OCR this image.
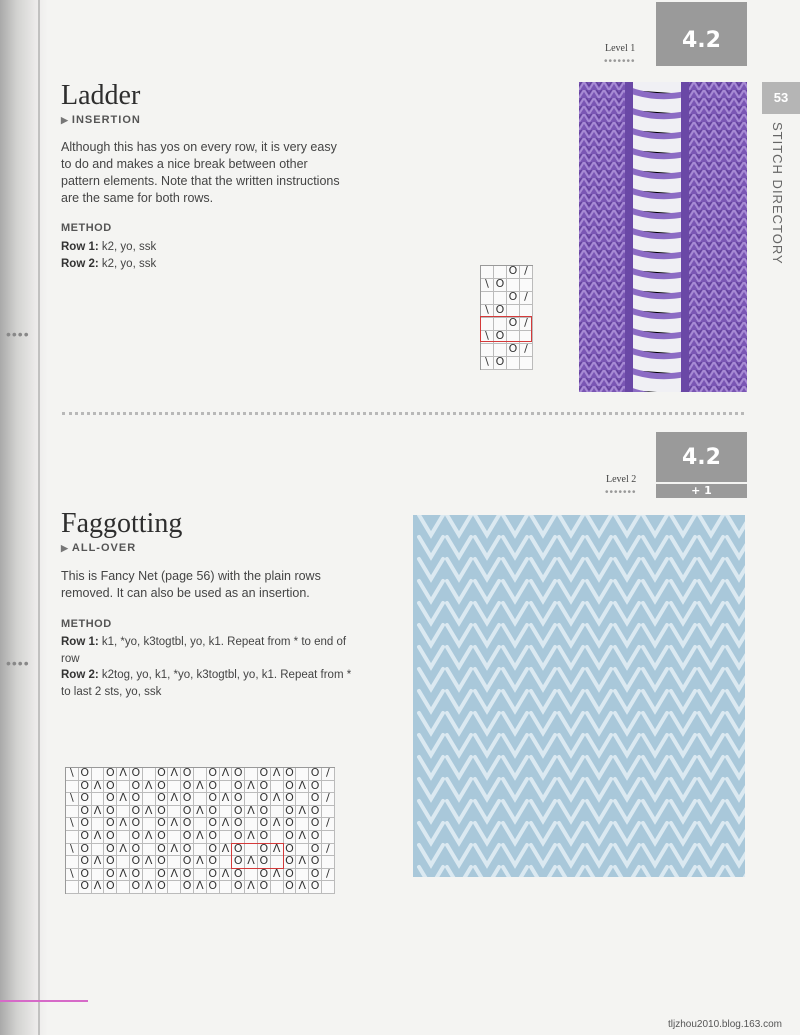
••••
••••
53
STITCH DIRECTORY
Level 1
•••••••
4.2
Ladder
▶ INSERTION
Although this has yos on every row, it is very easy to do and makes a nice break between other pattern elements. Note that the written instructions are the same for both rows.
METHOD
Row 1: k2, yo, ssk
Row 2: k2, yo, ssk	O /
\ O
O /
\ O
O /
\ O
O /
\ O
4.2
+ 1
Level 2
•••••••
Faggotting
▶ ALL-OVER
This is Fancy Net (page 56) with the plain rows removed. It can also be used as an insertion.
METHOD
Row 1: k1, *yo, k3togtbl, yo, k1. Repeat from * to end of row
Row 2: k2tog, yo, k1, *yo, k3togtbl, yo, k1. Repeat from * to last 2 sts, yo, ssk
\ O O Λ O O Λ O O Λ O O Λ O O /
O Λ O O Λ O O Λ O O Λ O O Λ O
\ O O Λ O O Λ O O Λ O O Λ O O /
O Λ O O Λ O O Λ O O Λ O O Λ O
\ O O Λ O O Λ O O Λ O O Λ O O /
O Λ O O Λ O O Λ O O Λ O O Λ O
\ O O Λ O O Λ O O Λ O O Λ O O /
O Λ O O Λ O O Λ O O Λ O O Λ O
\ O O Λ O O Λ O O Λ O O Λ O O /
O Λ O O Λ O O Λ O O Λ O O Λ O
tljzhou2010.blog.163.com
